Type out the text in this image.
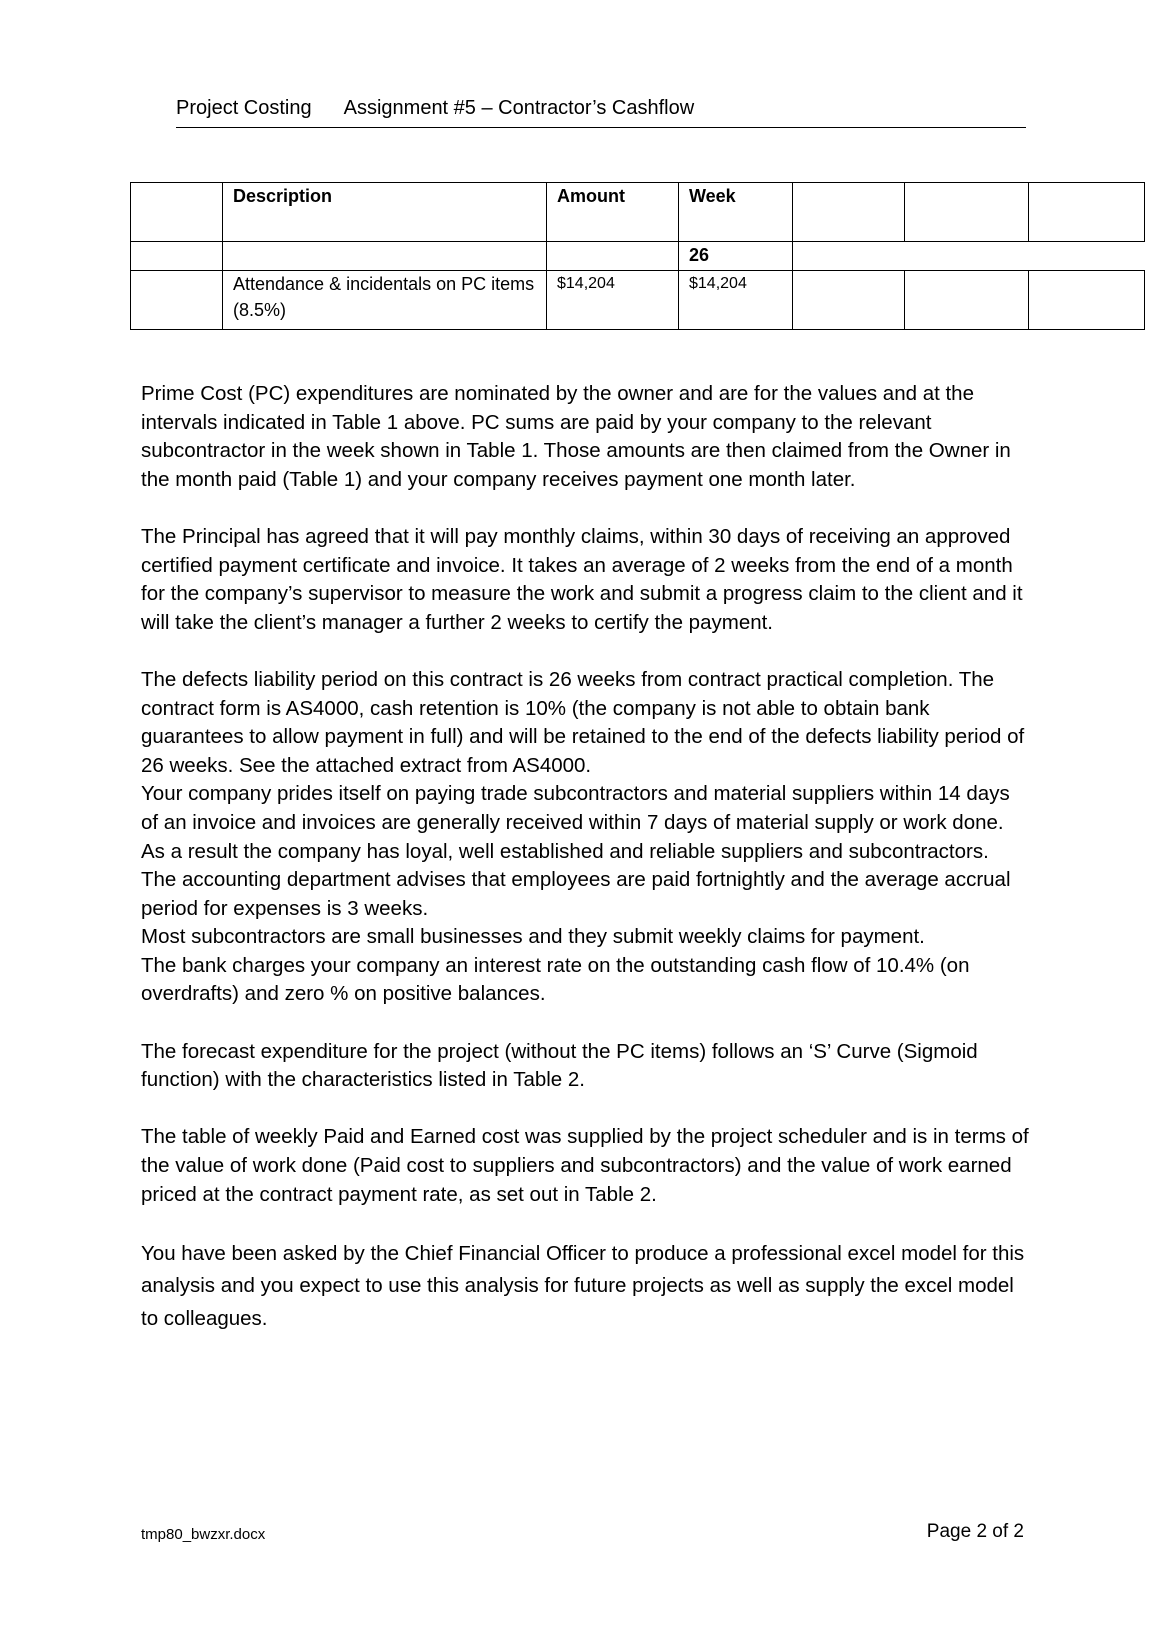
Project Costing Assignment #5 – Contractor’s Cashflow
	Description	Amount	Week			
			26			
	Attendance & incidentals on PC items (8.5%)	$14,204	$14,204			

Prime Cost (PC) expenditures are nominated by the owner and are for the values and at the intervals indicated in Table 1 above. PC sums are paid by your company to the relevant subcontractor in the week shown in Table 1. Those amounts are then claimed from the Owner in the month paid (Table 1) and your company receives payment one month later.

The Principal has agreed that it will pay monthly claims, within 30 days of receiving an approved certified payment certificate and invoice. It takes an average of 2 weeks from the end of a month for the company’s supervisor to measure the work and submit a progress claim to the client and it will take the client’s manager a further 2 weeks to certify the payment.

The defects liability period on this contract is 26 weeks from contract practical completion. The contract form is AS4000, cash retention is 10% (the company is not able to obtain bank guarantees to allow payment in full) and will be retained to the end of the defects liability period of 26 weeks. See the attached extract from AS4000.

Your company prides itself on paying trade subcontractors and material suppliers within 14 days of an invoice and invoices are generally received within 7 days of material supply or work done. As a result the company has loyal, well established and reliable suppliers and subcontractors.

The accounting department advises that employees are paid fortnightly and the average accrual period for expenses is 3 weeks.

Most subcontractors are small businesses and they submit weekly claims for payment.

The bank charges your company an interest rate on the outstanding cash flow of 10.4% (on overdrafts) and zero % on positive balances.

The forecast expenditure for the project (without the PC items) follows an ‘S’ Curve (Sigmoid function) with the characteristics listed in Table 2.

The table of weekly Paid and Earned cost was supplied by the project scheduler and is in terms of the value of work done (Paid cost to suppliers and subcontractors) and the value of work earned priced at the contract payment rate, as set out in Table 2.

You have been asked by the Chief Financial Officer to produce a professional excel model for this analysis and you expect to use this analysis for future projects as well as supply the excel model to colleagues.

tmp80_bwzxr.docx	Page 2 of 2
